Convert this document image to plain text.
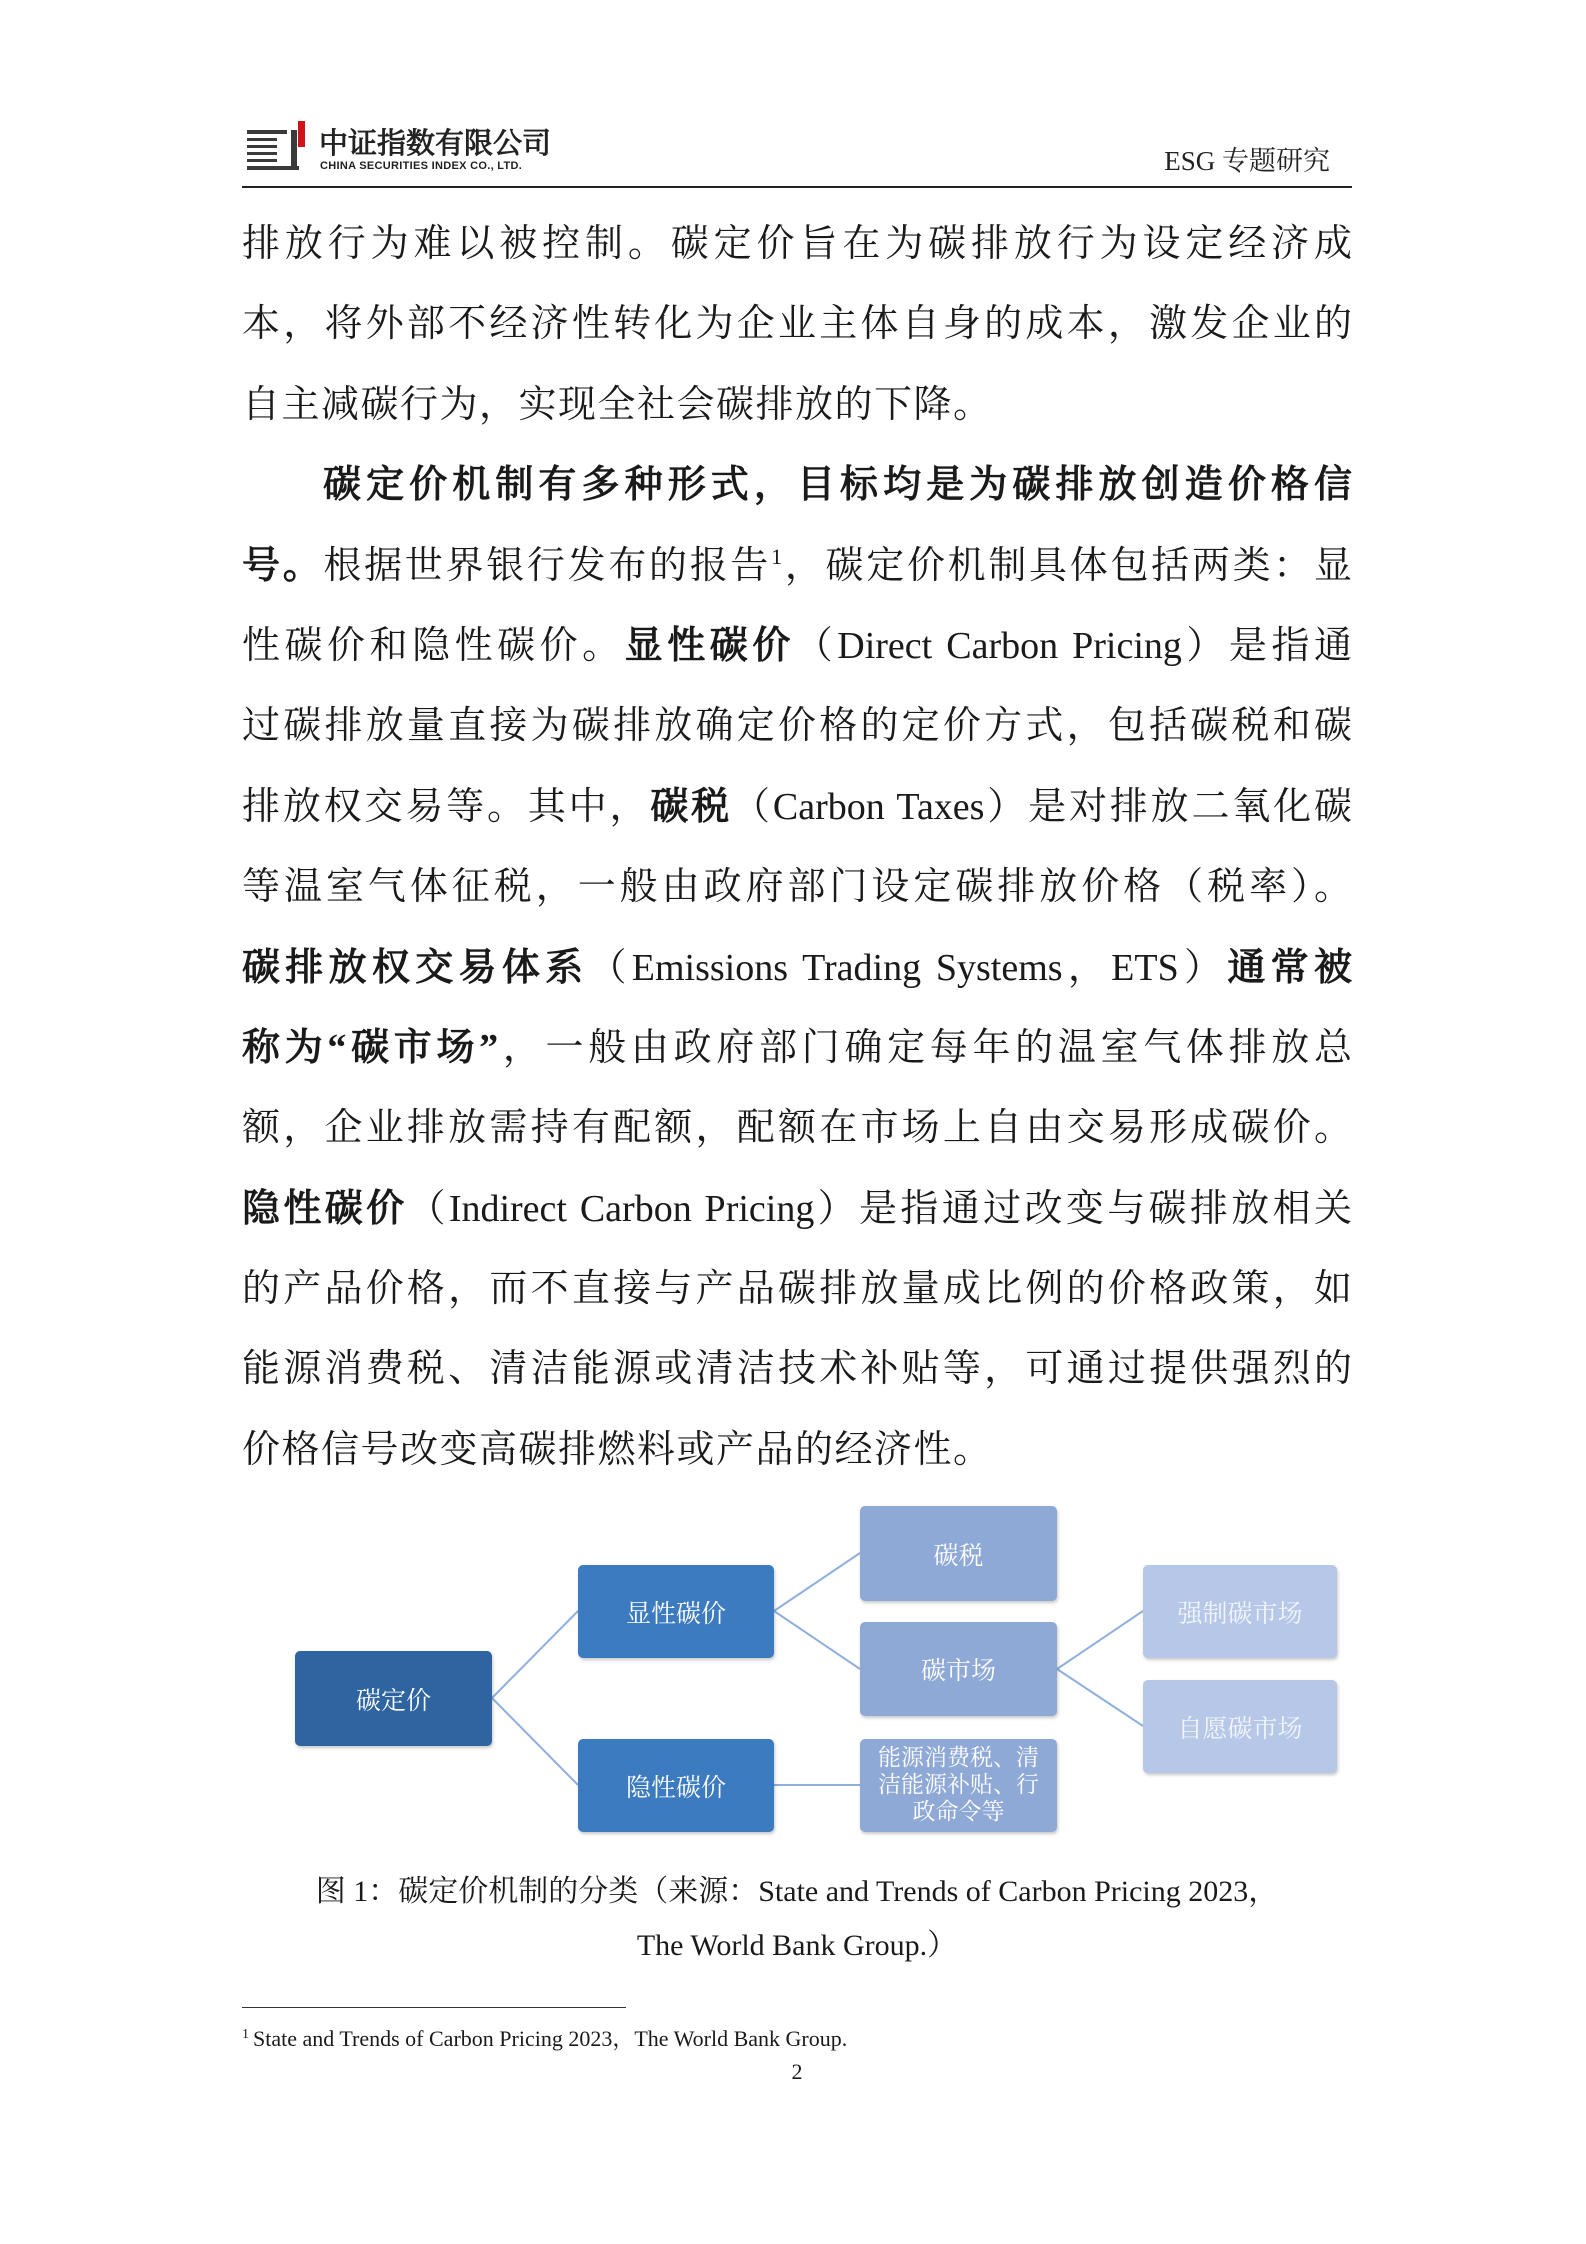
中证指数有限公司
CHINA SECURITIES INDEX CO., LTD.	ESG 专题研究
排放行为难以被控制。碳定价旨在为碳排放行为设定经济成
本，将外部不经济性转化为企业主体自身的成本，激发企业的
自主减碳行为，实现全社会碳排放的下降。
碳定价机制有多种形式，目标均是为碳排放创造价格信
号。根据世界银行发布的报告$^1$，碳定价机制具体包括两类：显
性碳价和隐性碳价。显性碳价（Direct Carbon Pricing）是指通
过碳排放量直接为碳排放确定价格的定价方式，包括碳税和碳
排放权交易等。其中，碳税（Carbon Taxes）是对排放二氧化碳
等温室气体征税，一般由政府部门设定碳排放价格（税率）。
碳排放权交易体系（Emissions Trading Systems，ETS）通常被
称为“碳市场”，一般由政府部门确定每年的温室气体排放总
额，企业排放需持有配额，配额在市场上自由交易形成碳价。
隐性碳价（Indirect Carbon Pricing）是指通过改变与碳排放相关
的产品价格，而不直接与产品碳排放量成比例的价格政策，如
能源消费税、清洁能源或清洁技术补贴等，可通过提供强烈的
价格信号改变高碳排燃料或产品的经济性。
碳定价
显性碳价
隐性碳价
碳税
碳市场
能源消费税、清
洁能源补贴、行
政命令等
强制碳市场
自愿碳市场
图 1：碳定价机制的分类（来源：State and Trends of Carbon Pricing 2023，
The World Bank Group.）
$^1$ State and Trends of Carbon Pricing 2023，The World Bank Group.
2
